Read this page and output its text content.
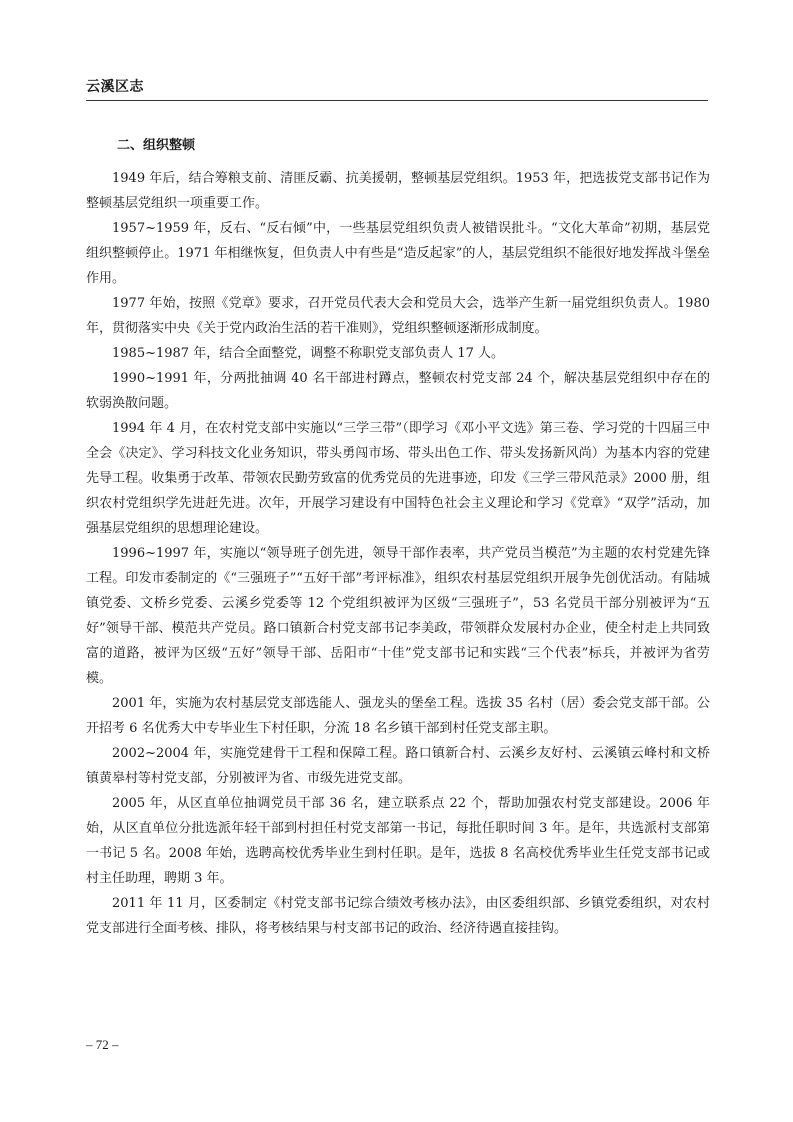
云溪区志
二、组织整顿

1949 年后，结合筹粮支前、清匪反霸、抗美援朝，整顿基层党组织。1953 年，把选拔党支部书记作为整顿基层党组织一项重要工作。

1957~1959 年，反右、“反右倾”中，一些基层党组织负责人被错误批斗。“文化大革命”初期，基层党组织整顿停止。1971 年相继恢复，但负责人中有些是“造反起家”的人，基层党组织不能很好地发挥战斗堡垒作用。

1977 年始，按照《党章》要求，召开党员代表大会和党员大会，选举产生新一届党组织负责人。1980 年，贯彻落实中央《关于党内政治生活的若干准则》，党组织整顿逐渐形成制度。

1985~1987 年，结合全面整党，调整不称职党支部负责人 17 人。

1990~1991 年，分两批抽调 40 名干部进村蹲点，整顿农村党支部 24 个，解决基层党组织中存在的软弱涣散问题。

1994 年 4 月，在农村党支部中实施以“三学三带”（即学习《邓小平文选》第三卷、学习党的十四届三中全会《决定》、学习科技文化业务知识，带头勇闯市场、带头出色工作、带头发扬新风尚）为基本内容的党建先导工程。收集勇于改革、带领农民勤劳致富的优秀党员的先进事迹，印发《三学三带风范录》2000 册，组织农村党组织学先进赶先进。次年，开展学习建设有中国特色社会主义理论和学习《党章》“双学”活动，加强基层党组织的思想理论建设。

1996~1997 年，实施以“领导班子创先进，领导干部作表率，共产党员当模范”为主题的农村党建先锋工程。印发市委制定的《“三强班子”“五好干部”考评标准》，组织农村基层党组织开展争先创优活动。有陆城镇党委、文桥乡党委、云溪乡党委等 12 个党组织被评为区级“三强班子”，53 名党员干部分别被评为“五好”领导干部、模范共产党员。路口镇新合村党支部书记李美政，带领群众发展村办企业，使全村走上共同致富的道路，被评为区级“五好”领导干部、岳阳市“十佳”党支部书记和实践“三个代表”标兵，并被评为省劳模。

2001 年，实施为农村基层党支部选能人、强龙头的堡垒工程。选拔 35 名村（居）委会党支部干部。公开招考 6 名优秀大中专毕业生下村任职，分流 18 名乡镇干部到村任党支部主职。

2002~2004 年，实施党建骨干工程和保障工程。路口镇新合村、云溪乡友好村、云溪镇云峰村和文桥镇黄皋村等村党支部，分别被评为省、市级先进党支部。

2005 年，从区直单位抽调党员干部 36 名，建立联系点 22 个，帮助加强农村党支部建设。2006 年始，从区直单位分批选派年轻干部到村担任村党支部第一书记，每批任职时间 3 年。是年，共选派村支部第一书记 5 名。2008 年始，选聘高校优秀毕业生到村任职。是年，选拔 8 名高校优秀毕业生任党支部书记或村主任助理，聘期 3 年。

2011 年 11 月，区委制定《村党支部书记综合绩效考核办法》，由区委组织部、乡镇党委组织，对农村党支部进行全面考核、排队，将考核结果与村支部书记的政治、经济待遇直接挂钩。

– 72 –
